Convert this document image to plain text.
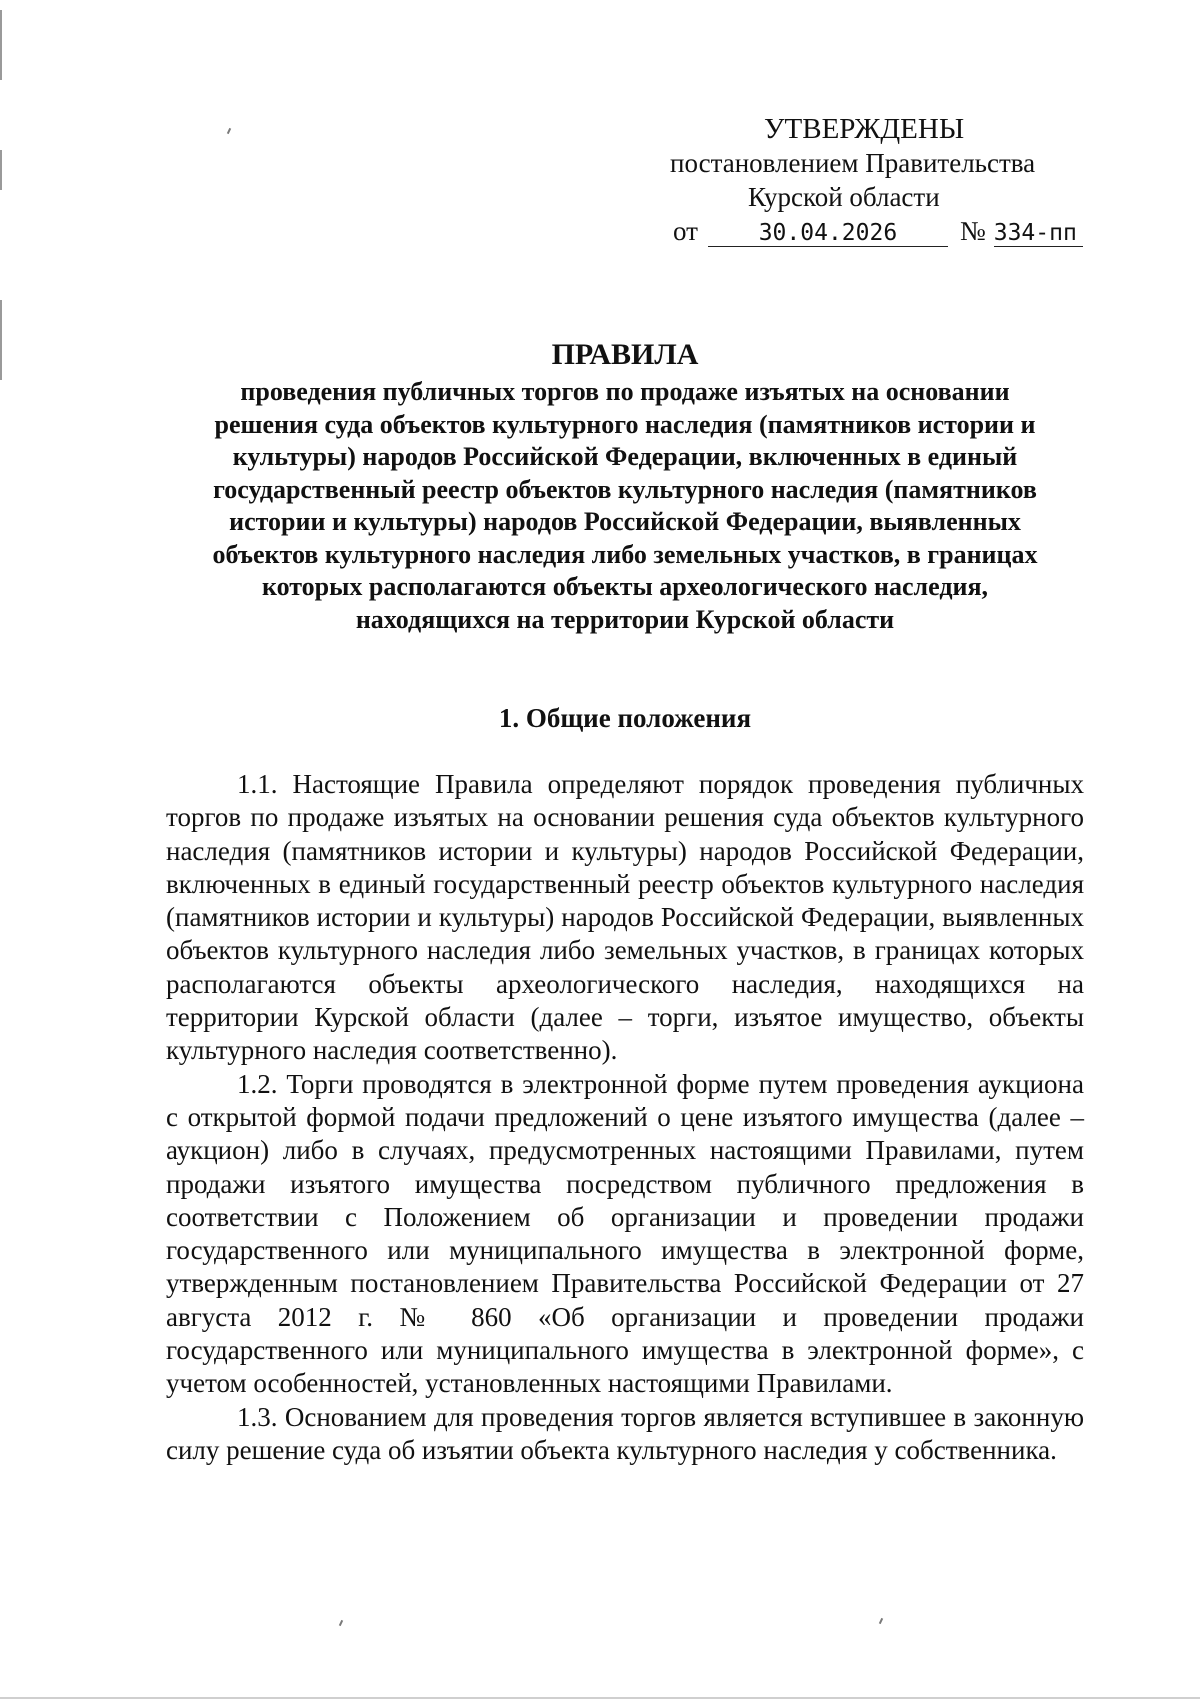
УТВЕРЖДЕНЫ
постановлением Правительства
Курской области
от	30.04.2026	№ 334-пп
ПРАВИЛА
проведения публичных торгов по продаже изъятых на основании
решения суда объектов культурного наследия (памятников истории и
культуры) народов Российской Федерации, включенных в единый
государственный реестр объектов культурного наследия (памятников
истории и культуры) народов Российской Федерации, выявленных
объектов культурного наследия либо земельных участков, в границах
которых располагаются объекты археологического наследия,
находящихся на территории Курской области
1. Общие положения

1.1. Настоящие Правила определяют порядок проведения публичных торгов по продаже изъятых на основании решения суда объектов культурного наследия (памятников истории и культуры) народов Российской Федерации, включенных в единый государственный реестр объектов культурного наследия (памятников истории и культуры) народов Российской Федерации, выявленных объектов культурного наследия либо земельных участков, в границах которых располагаются объекты археологического наследия, находящихся на территории Курской области (далее – торги, изъятое имущество, объекты культурного наследия соответственно).

1.2. Торги проводятся в электронной форме путем проведения аукциона с открытой формой подачи предложений о цене изъятого имущества (далее – аукцион) либо в случаях, предусмотренных настоящими Правилами, путем продажи изъятого имущества посредством публичного предложения в соответствии с Положением об организации и проведении продажи государственного или муниципального имущества в электронной форме, утвержденным постановлением Правительства Российской Федерации от 27 августа 2012 г. № 860 «Об организации и проведении продажи государственного или муниципального имущества в электронной форме», с учетом особенностей, установленных настоящими Правилами.

1.3. Основанием для проведения торгов является вступившее в законную силу решение суда об изъятии объекта культурного наследия у собственника.
